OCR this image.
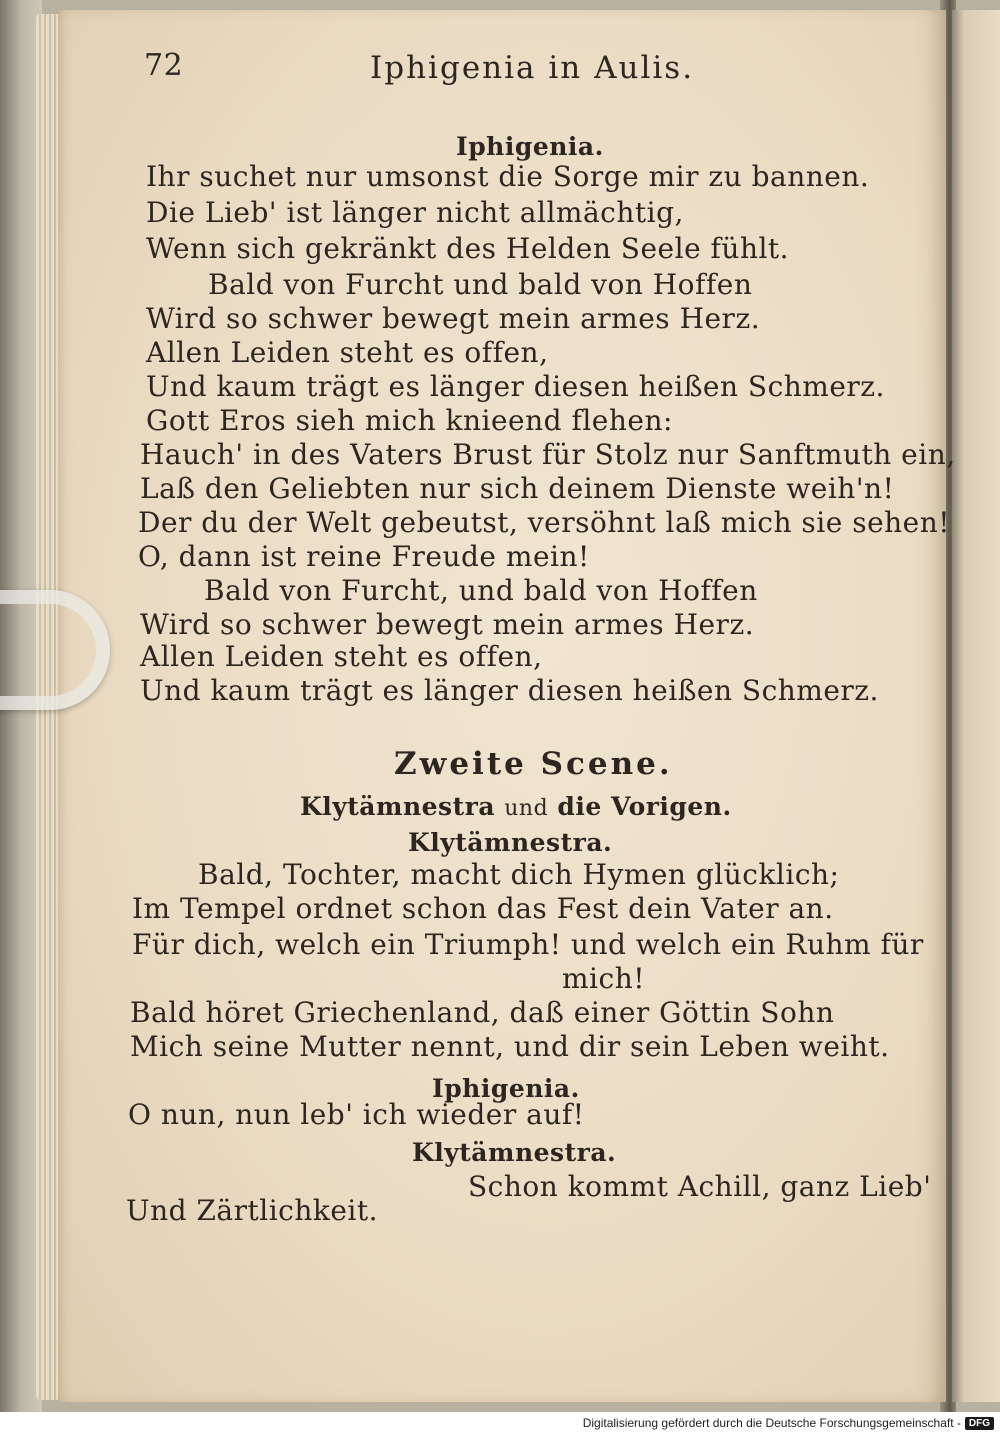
72	Iphigenia in Aulis.
Iphigenia.
Ihr suchet nur umsonst die Sorge mir zu bannen.
Die Lieb' ist länger nicht allmächtig,
Wenn sich gekränkt des Helden Seele fühlt.
Bald von Furcht und bald von Hoffen
Wird so schwer bewegt mein armes Herz.
Allen Leiden steht es offen,
Und kaum trägt es länger diesen heißen Schmerz.
Gott Eros sieh mich knieend flehen:
Hauch' in des Vaters Brust für Stolz nur Sanftmuth ein,
Laß den Geliebten nur sich deinem Dienste weih'n!
Der du der Welt gebeutst, versöhnt laß mich sie sehen!
O, dann ist reine Freude mein!
Bald von Furcht, und bald von Hoffen
Wird so schwer bewegt mein armes Herz.
Allen Leiden steht es offen,
Und kaum trägt es länger diesen heißen Schmerz.
Zweite Scene.
Klytämnestra und die Vorigen.
Klytämnestra.
Bald, Tochter, macht dich Hymen glücklich;
Im Tempel ordnet schon das Fest dein Vater an.
Für dich, welch ein Triumph! und welch ein Ruhm für
mich!
Bald höret Griechenland, daß einer Göttin Sohn
Mich seine Mutter nennt, und dir sein Leben weiht.
Iphigenia.
O nun, nun leb' ich wieder auf!
Klytämnestra.
Schon kommt Achill, ganz Lieb'
Und Zärtlichkeit.
Digitalisierung gefördert durch die Deutsche Forschungsgemeinschaft - DFG
